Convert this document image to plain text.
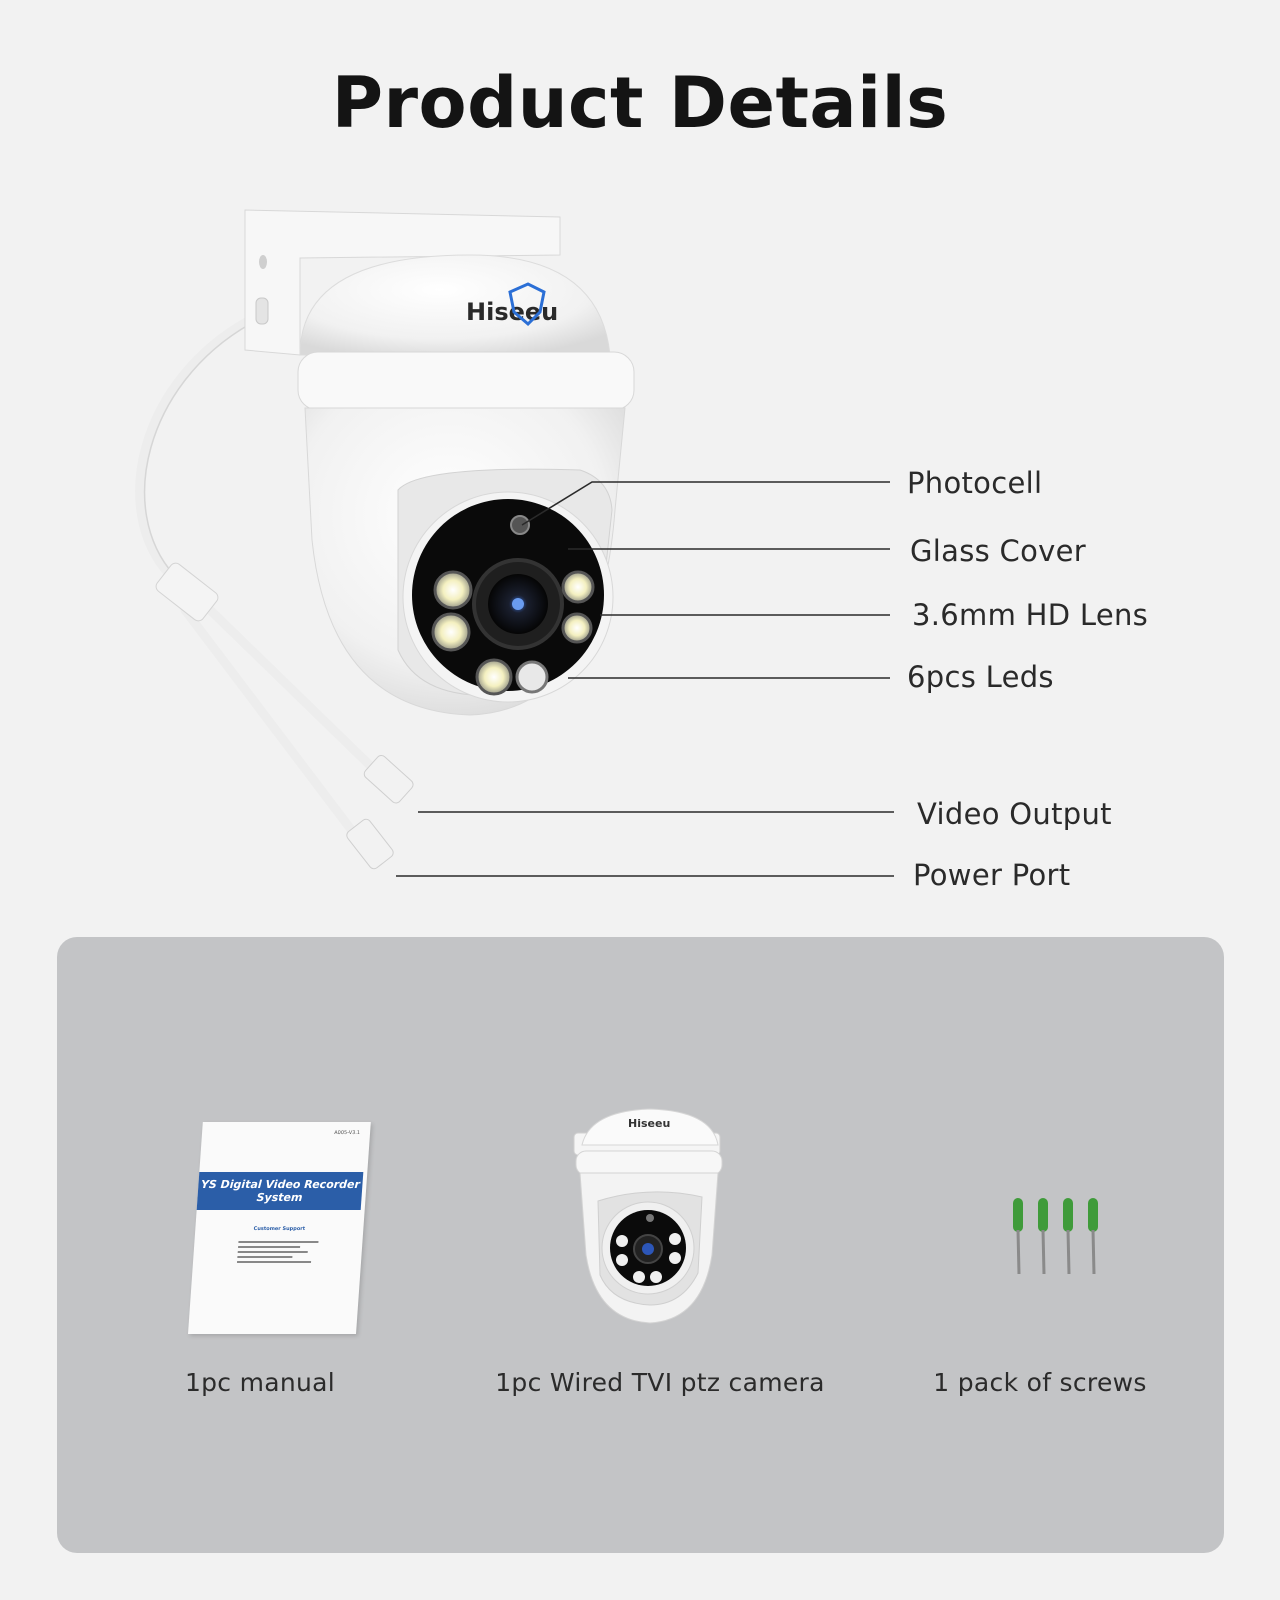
Product Details
Hiseeu
Photocell
Glass Cover
3.6mm HD Lens
6pcs Leds
Video Output
Power Port
A005-V3.1
YS Digital Video Recorder System
Customer Support
Hiseeu
1pc manual	1pc Wired TVI ptz camera	1 pack of screws
